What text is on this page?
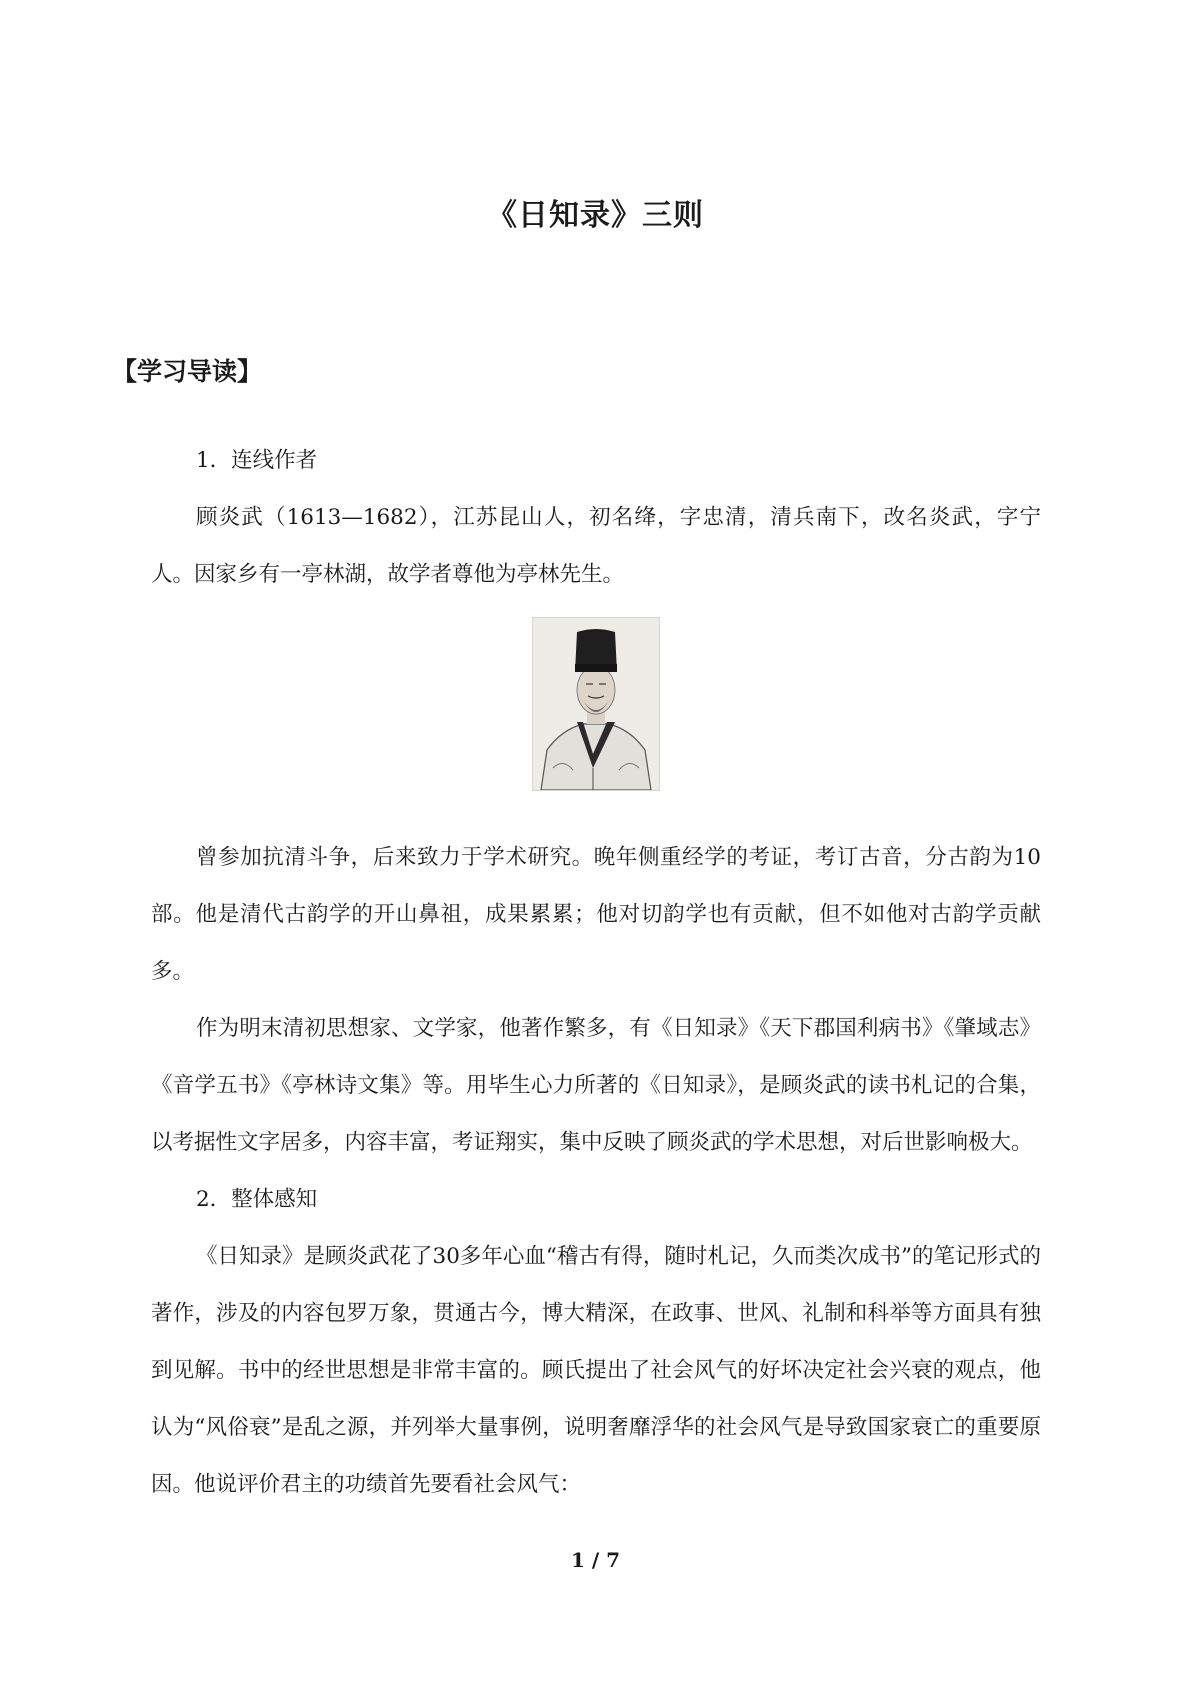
《日知录》三则
【学习导读】

1．连线作者

顾炎武（1613—1682），江苏昆山人，初名绛，字忠清，清兵南下，改名炎武，字宁人。因家乡有一亭林湖，故学者尊他为亭林先生。

曾参加抗清斗争，后来致力于学术研究。晚年侧重经学的考证，考订古音，分古韵为10部。他是清代古韵学的开山鼻祖，成果累累；他对切韵学也有贡献，但不如他对古韵学贡献多。

作为明末清初思想家、文学家，他著作繁多，有《日知录》《天下郡国利病书》《肇域志》《音学五书》《亭林诗文集》等。用毕生心力所著的《日知录》，是顾炎武的读书札记的合集，以考据性文字居多，内容丰富，考证翔实，集中反映了顾炎武的学术思想，对后世影响极大。

2．整体感知

《日知录》是顾炎武花了30多年心血“稽古有得，随时札记，久而类次成书”的笔记形式的著作，涉及的内容包罗万象，贯通古今，博大精深，在政事、世风、礼制和科举等方面具有独到见解。书中的经世思想是非常丰富的。顾氏提出了社会风气的好坏决定社会兴衰的观点，他认为“风俗衰”是乱之源，并列举大量事例，说明奢靡浮华的社会风气是导致国家衰亡的重要原因。他说评价君主的功绩首先要看社会风气：

1 / 7
